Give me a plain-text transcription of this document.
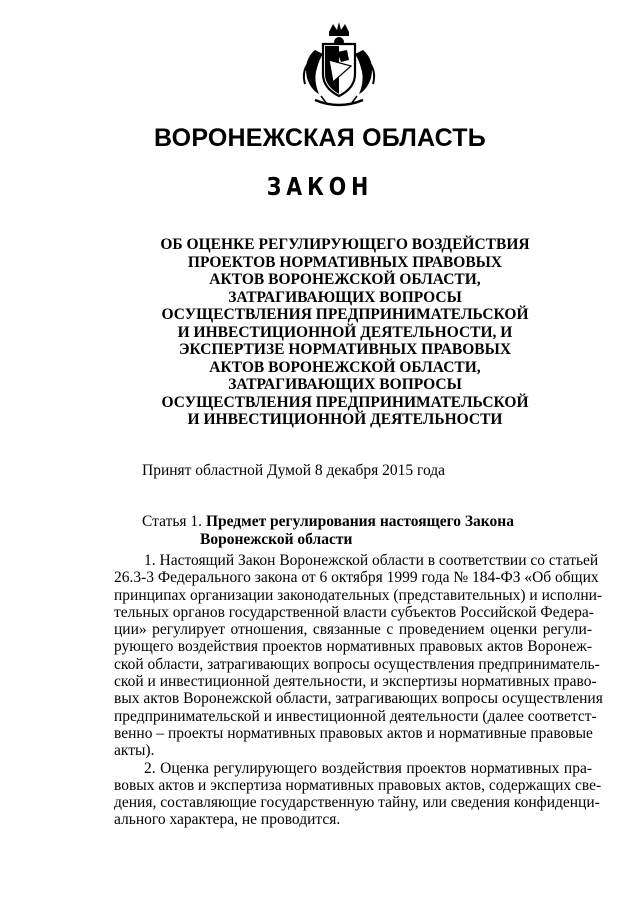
ВОРОНЕЖСКАЯ ОБЛАСТЬ
ЗАКОН
ОБ ОЦЕНКЕ РЕГУЛИРУЮЩЕГО ВОЗДЕЙСТВИЯ
ПРОЕКТОВ НОРМАТИВНЫХ ПРАВОВЫХ
АКТОВ ВОРОНЕЖСКОЙ ОБЛАСТИ,
ЗАТРАГИВАЮЩИХ ВОПРОСЫ
ОСУЩЕСТВЛЕНИЯ ПРЕДПРИНИМАТЕЛЬСКОЙ
И ИНВЕСТИЦИОННОЙ ДЕЯТЕЛЬНОСТИ, И
ЭКСПЕРТИЗЕ НОРМАТИВНЫХ ПРАВОВЫХ
АКТОВ ВОРОНЕЖСКОЙ ОБЛАСТИ,
ЗАТРАГИВАЮЩИХ ВОПРОСЫ
ОСУЩЕСТВЛЕНИЯ ПРЕДПРИНИМАТЕЛЬСКОЙ
И ИНВЕСТИЦИОННОЙ ДЕЯТЕЛЬНОСТИ
Принят областной Думой 8 декабря 2015 года
Статья 1. Предмет регулирования настоящего Закона
Воронежской области
1. Настоящий Закон Воронежской области в соответствии со статьей
26.3-3 Федерального закона от 6 октября 1999 года № 184-ФЗ «Об общих
принципах организации законодательных (представительных) и исполни-
тельных органов государственной власти субъектов Российской Федера-
ции» регулирует отношения, связанные с проведением оценки регули-
рующего воздействия проектов нормативных правовых актов Воронеж-
ской области, затрагивающих вопросы осуществления предприниматель-
ской и инвестиционной деятельности, и экспертизы нормативных право-
вых актов Воронежской области, затрагивающих вопросы осуществления
предпринимательской и инвестиционной деятельности (далее соответст-
венно – проекты нормативных правовых актов и нормативные правовые
акты).
2. Оценка регулирующего воздействия проектов нормативных пра-
вовых актов и экспертиза нормативных правовых актов, содержащих све-
дения, составляющие государственную тайну, или сведения конфиденци-
ального характера, не проводится.
